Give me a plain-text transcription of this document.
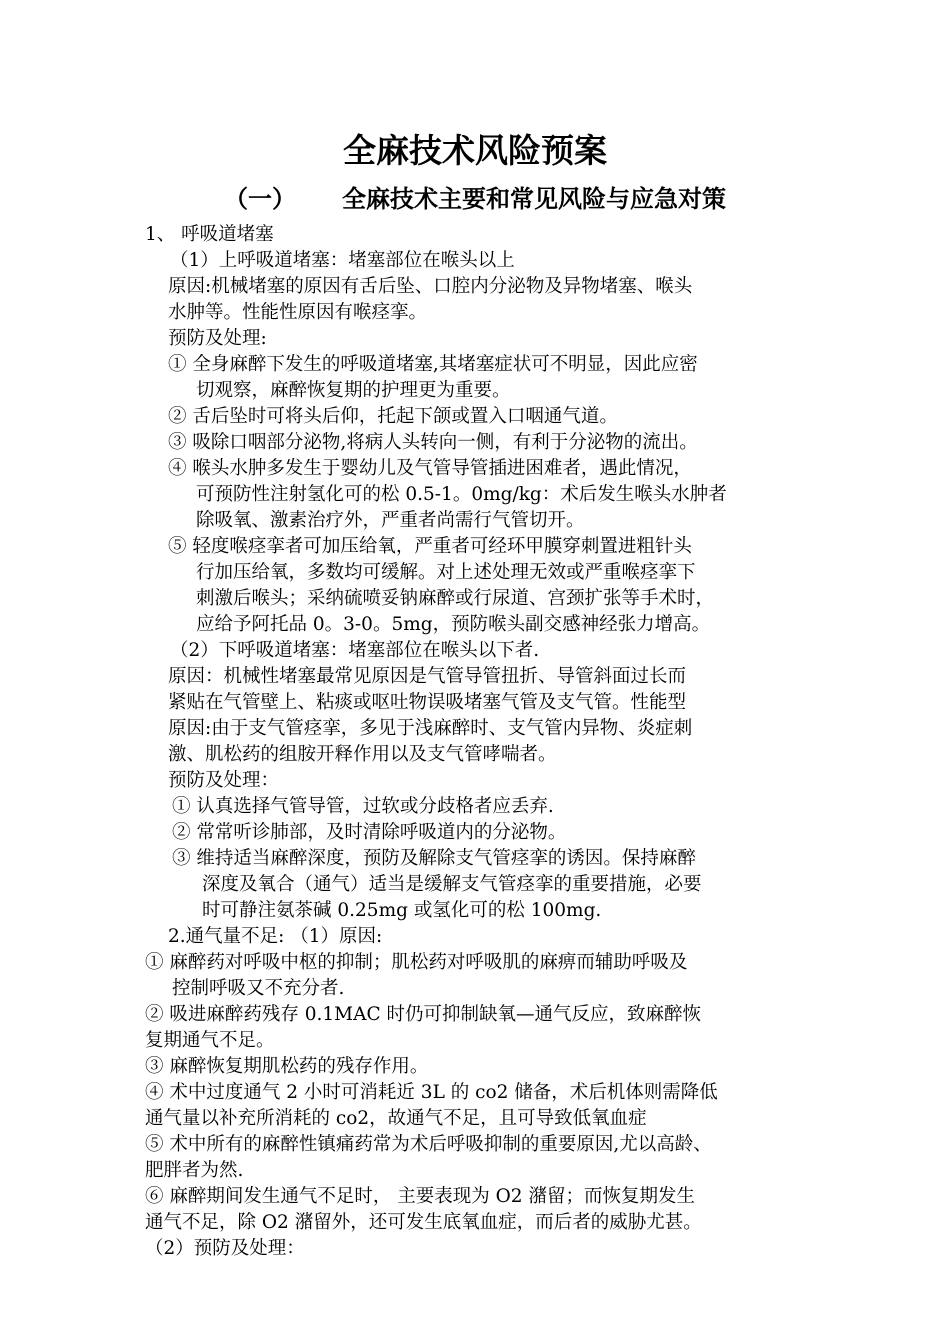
全麻技术风险预案
（一） 全麻技术主要和常见风险与应急对策
1、 呼吸道堵塞
（1）上呼吸道堵塞：堵塞部位在喉头以上
原因:机械堵塞的原因有舌后坠、口腔内分泌物及异物堵塞、喉头
水肿等。性能性原因有喉痉挛。
预防及处理:
① 全身麻醉下发生的呼吸道堵塞,其堵塞症状可不明显，因此应密
切观察，麻醉恢复期的护理更为重要。
② 舌后坠时可将头后仰，托起下颌或置入口咽通气道。
③ 吸除口咽部分泌物,将病人头转向一侧，有利于分泌物的流出。
④ 喉头水肿多发生于婴幼儿及气管导管插进困难者，遇此情况，
可预防性注射氢化可的松 0.5-1。0mg/kg：术后发生喉头水肿者
除吸氧、激素治疗外，严重者尚需行气管切开。
⑤ 轻度喉痉挛者可加压给氧，严重者可经环甲膜穿刺置进粗针头
行加压给氧，多数均可缓解。对上述处理无效或严重喉痉挛下
刺激后喉头；采纳硫喷妥钠麻醉或行尿道、宫颈扩张等手术时，
应给予阿托品 0。3-0。5mg，预防喉头副交感神经张力增高。
（2）下呼吸道堵塞：堵塞部位在喉头以下者.
原因：机械性堵塞最常见原因是气管导管扭折、导管斜面过长而
紧贴在气管壁上、粘痰或呕吐物误吸堵塞气管及支气管。性能型
原因:由于支气管痉挛，多见于浅麻醉时、支气管内异物、炎症刺
激、肌松药的组胺开释作用以及支气管哮喘者。
预防及处理：
① 认真选择气管导管，过软或分歧格者应丢弃.
② 常常听诊肺部，及时清除呼吸道内的分泌物。
③ 维持适当麻醉深度，预防及解除支气管痉挛的诱因。保持麻醉
深度及氧合（通气）适当是缓解支气管痉挛的重要措施，必要
时可静注氨茶碱 0.25mg 或氢化可的松 100mg.
2.通气量不足: （1）原因:
① 麻醉药对呼吸中枢的抑制；肌松药对呼吸肌的麻痹而辅助呼吸及
控制呼吸又不充分者.
② 吸进麻醉药残存 0.1MAC 时仍可抑制缺氧—通气反应，致麻醉恢
复期通气不足。
③ 麻醉恢复期肌松药的残存作用。
④ 术中过度通气 2 小时可消耗近 3L 的 co2 储备，术后机体则需降低
通气量以补充所消耗的 co2，故通气不足，且可导致低氧血症
⑤ 术中所有的麻醉性镇痛药常为术后呼吸抑制的重要原因,尤以高龄、
肥胖者为然.
⑥ 麻醉期间发生通气不足时， 主要表现为 O2 潴留；而恢复期发生
通气不足，除 O2 潴留外，还可发生底氧血症，而后者的威胁尤甚。
（2）预防及处理：
